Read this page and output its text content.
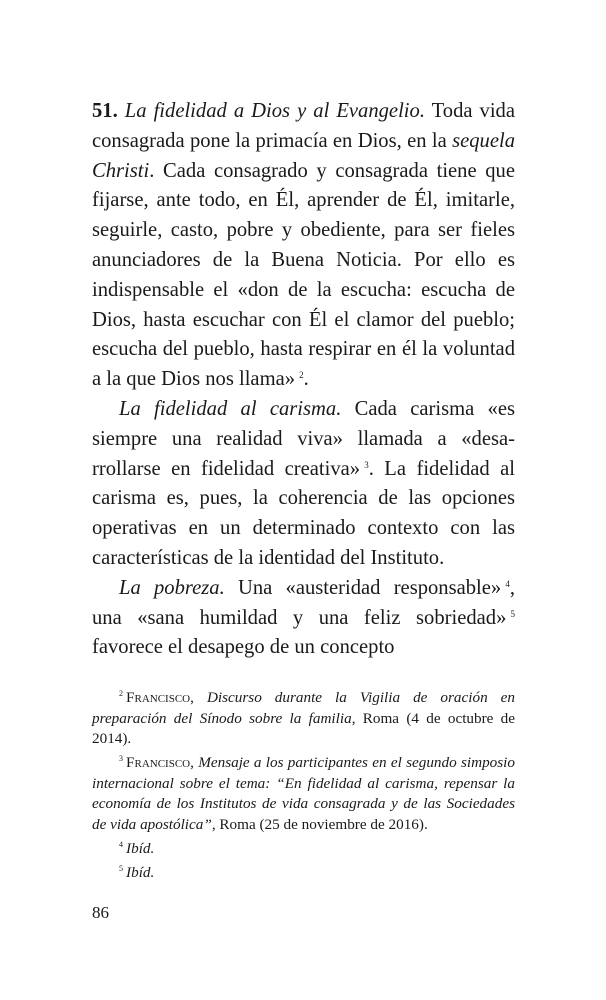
51. La fidelidad a Dios y al Evangelio. Toda vida consagrada pone la primacía en Dios, en la sequela Christi. Cada consagrado y consagrada tiene que fijarse, ante todo, en Él, aprender de Él, imitarle, seguirle, casto, pobre y obediente, para ser fieles anunciadores de la Buena Noticia. Por ello es indispensable el «don de la escucha: escucha de Dios, hasta escuchar con Él el clamor del pueblo; escucha del pueblo, hasta respirar en él la voluntad a la que Dios nos llama»  $^2$.

La fidelidad al carisma. Cada carisma «es siempre una realidad viva» llamada a «desarrollarse en fidelidad creativa»  $^3$. La fidelidad al carisma es, pues, la coherencia de las opciones operativas en un determinado contexto con las características de la identidad del Instituto.

La pobreza. Una «austeridad responsable»  $^4$, una «sana humildad y una feliz sobriedad»  $^5$ favorece el desapego de un concepto

$^2$  Francisco, Discurso durante la Vigilia de oración en preparación del Sínodo sobre la familia, Roma (4 de octubre de 2014).

$^3$  Francisco, Mensaje a los participantes en el segundo simposio internacional sobre el tema: “En fidelidad al carisma, repensar la economía de los Institutos de vida consagrada y de las Sociedades de vida apostólica”, Roma (25 de noviembre de 2016).

$^4$  Ibíd.

$^5$  Ibíd.

86
